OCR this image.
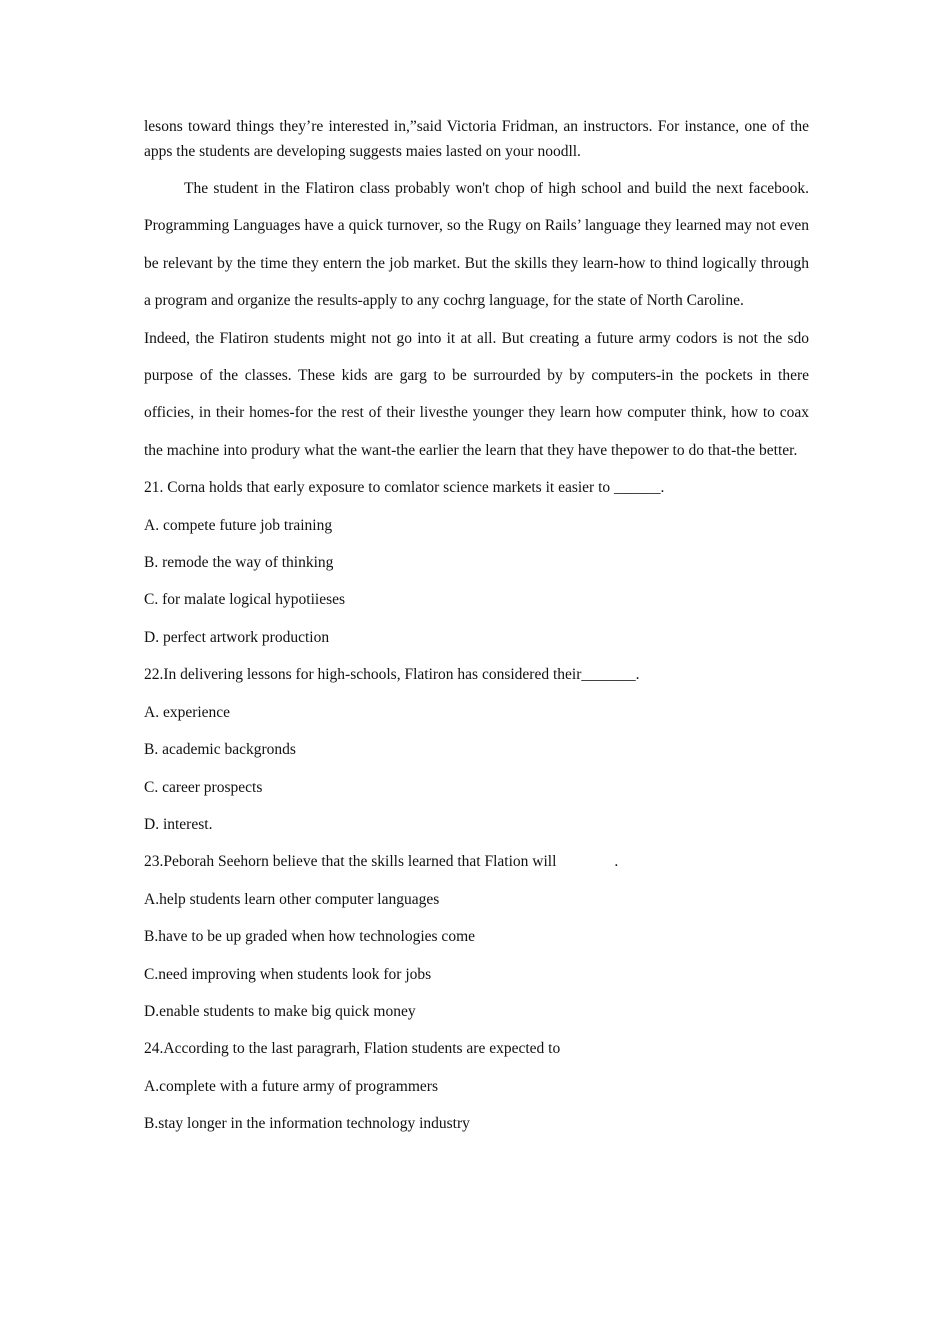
lesons toward things they’re interested in,”said Victoria Fridman, an instructors. For instance, one of the apps the students are developing suggests maies lasted on your noodll.

The student in the Flatiron class probably won't chop of high school and build the next facebook. Programming Languages have a quick turnover, so the Rugy on Rails’ language they learned may not even be relevant by the time they entern the job market. But the skills they learn-how to thind logically through a program and organize the results-apply to any cochrg language, for the state of North Caroline.

Indeed, the Flatiron students might not go into it at all. But creating a future army codors is not the sdo purpose of the classes. These kids are garg to be surrourded by by computers-in the pockets in there officies, in their homes-for the rest of their livesthe younger they learn how computer think, how to coax the machine into produry what the want-the earlier the learn that they have thepower to do that-the better.

21. Corna holds that early exposure to comlator science markets it easier to ______.

A. compete future job training

B. remode the way of thinking

C. for malate logical hypotiieses

D. perfect artwork production

22.In delivering lessons for high-schools, Flatiron has considered their_______.

A. experience

B. academic backgronds

C. career prospects

D. interest.

23.Peborah Seehorn believe that the skills learned that Flation will	.

A.help students learn other computer languages

B.have to be up graded when how technologies come

C.need improving when students look for jobs

D.enable students to make big quick money

24.According to the last paragrarh, Flation students are expected to

A.complete with a future army of programmers

B.stay longer in the information technology industry
